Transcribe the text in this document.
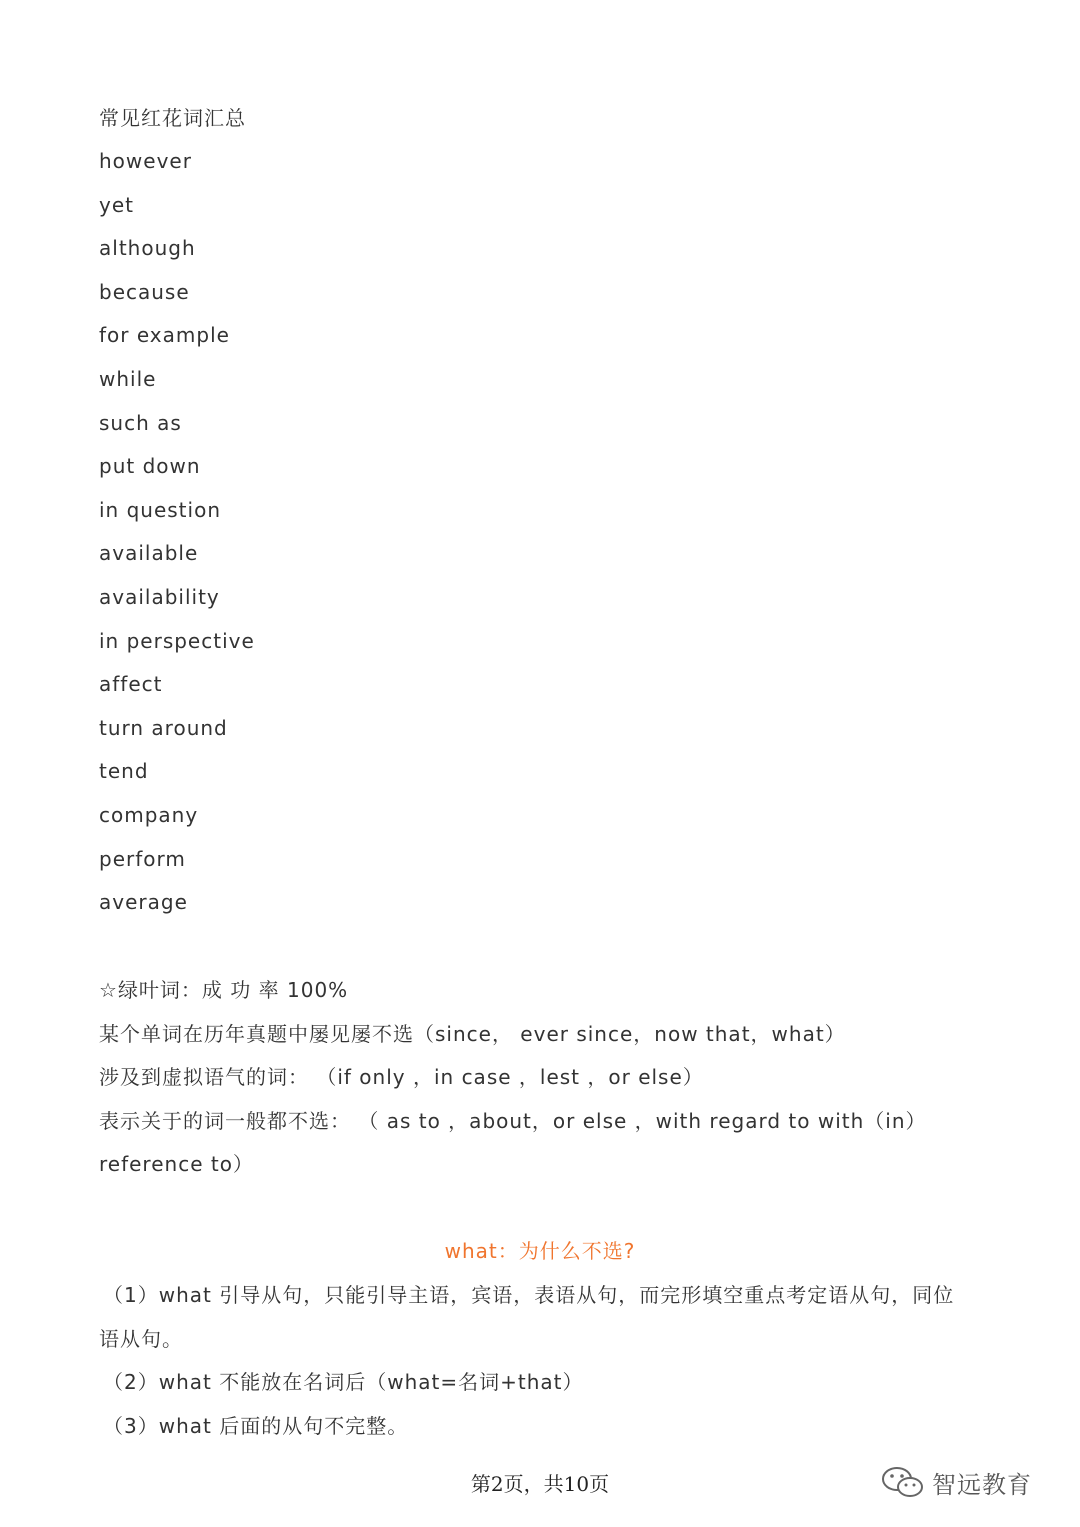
常见红花词汇总
however
yet
although
because
for example
while
such as
put down
in question
available
availability
in perspective
affect
turn around
tend
company
perform
average
☆绿叶词：成 功 率 100%
某个单词在历年真题中屡见屡不选（since， ever since，now that，what）
涉及到虚拟语气的词： （if only ，in case ，lest ，or else）
表示关于的词一般都不选： （ as to ，about，or else ，with regard to with（in）
reference to）
what：为什么不选?
（1）what 引导从句，只能引导主语，宾语，表语从句，而完形填空重点考定语从句，同位
语从句。
（2）what 不能放在名词后（what=名词+that）
（3）what 后面的从句不完整。
第2页，共10页	智远教育
